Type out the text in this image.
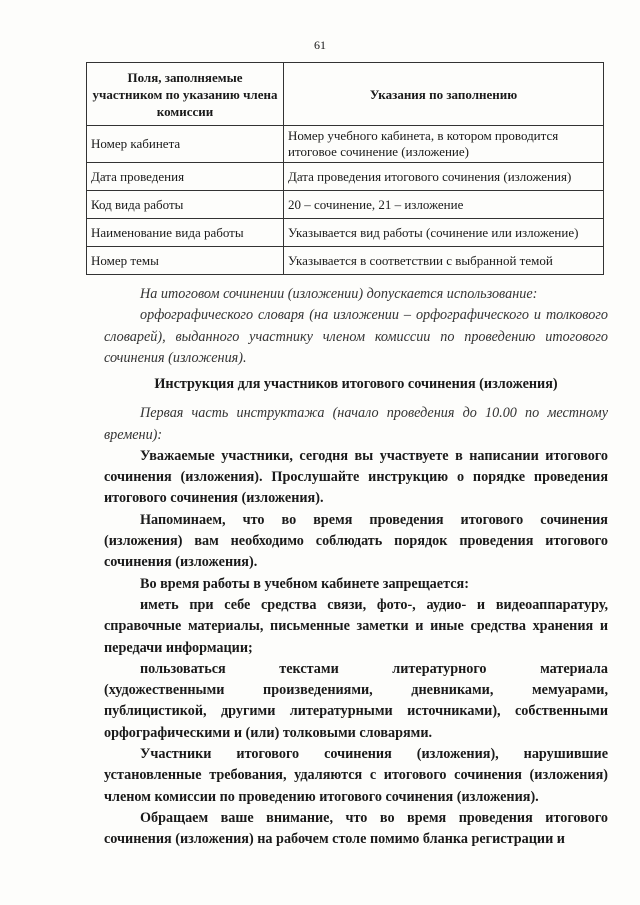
61
Поля, заполняемые участником по указанию члена комиссии	Указания по заполнению
Номер кабинета	Номер учебного кабинета, в котором проводится итоговое сочинение (изложение)
Дата проведения	Дата проведения итогового сочинения (изложения)
Код вида работы	20 – сочинение, 21 – изложение
Наименование вида работы	Указывается вид работы (сочинение или изложение)
Номер темы	Указывается в соответствии с выбранной темой

На итоговом сочинении (изложении) допускается использование:

орфографического словаря (на изложении – орфографического и толкового словарей), выданного участнику членом комиссии по проведению итогового сочинения (изложения).

Инструкция для участников итогового сочинения (изложения)

Первая часть инструктажа (начало проведения до 10.00 по местному времени):

Уважаемые участники, сегодня вы участвуете в написании итогового сочинения (изложения). Прослушайте инструкцию о порядке проведения итогового сочинения (изложения).

Напоминаем, что во время проведения итогового сочинения (изложения) вам необходимо соблюдать порядок проведения итогового сочинения (изложения).

Во время работы в учебном кабинете запрещается:

иметь при себе средства связи, фото-, аудио- и видеоаппаратуру, справочные материалы, письменные заметки и иные средства хранения и передачи информации;

пользоваться	текстами	литературного	материала

(художественными произведениями, дневниками, мемуарами, публицистикой, другими литературными источниками), собственными орфографическими и (или) толковыми словарями.

Участники итогового сочинения (изложения), нарушившие установленные требования, удаляются с итогового сочинения (изложения) членом комиссии по проведению итогового сочинения (изложения).

Обращаем ваше внимание, что во время проведения итогового сочинения (изложения) на рабочем столе помимо бланка регистрации и
